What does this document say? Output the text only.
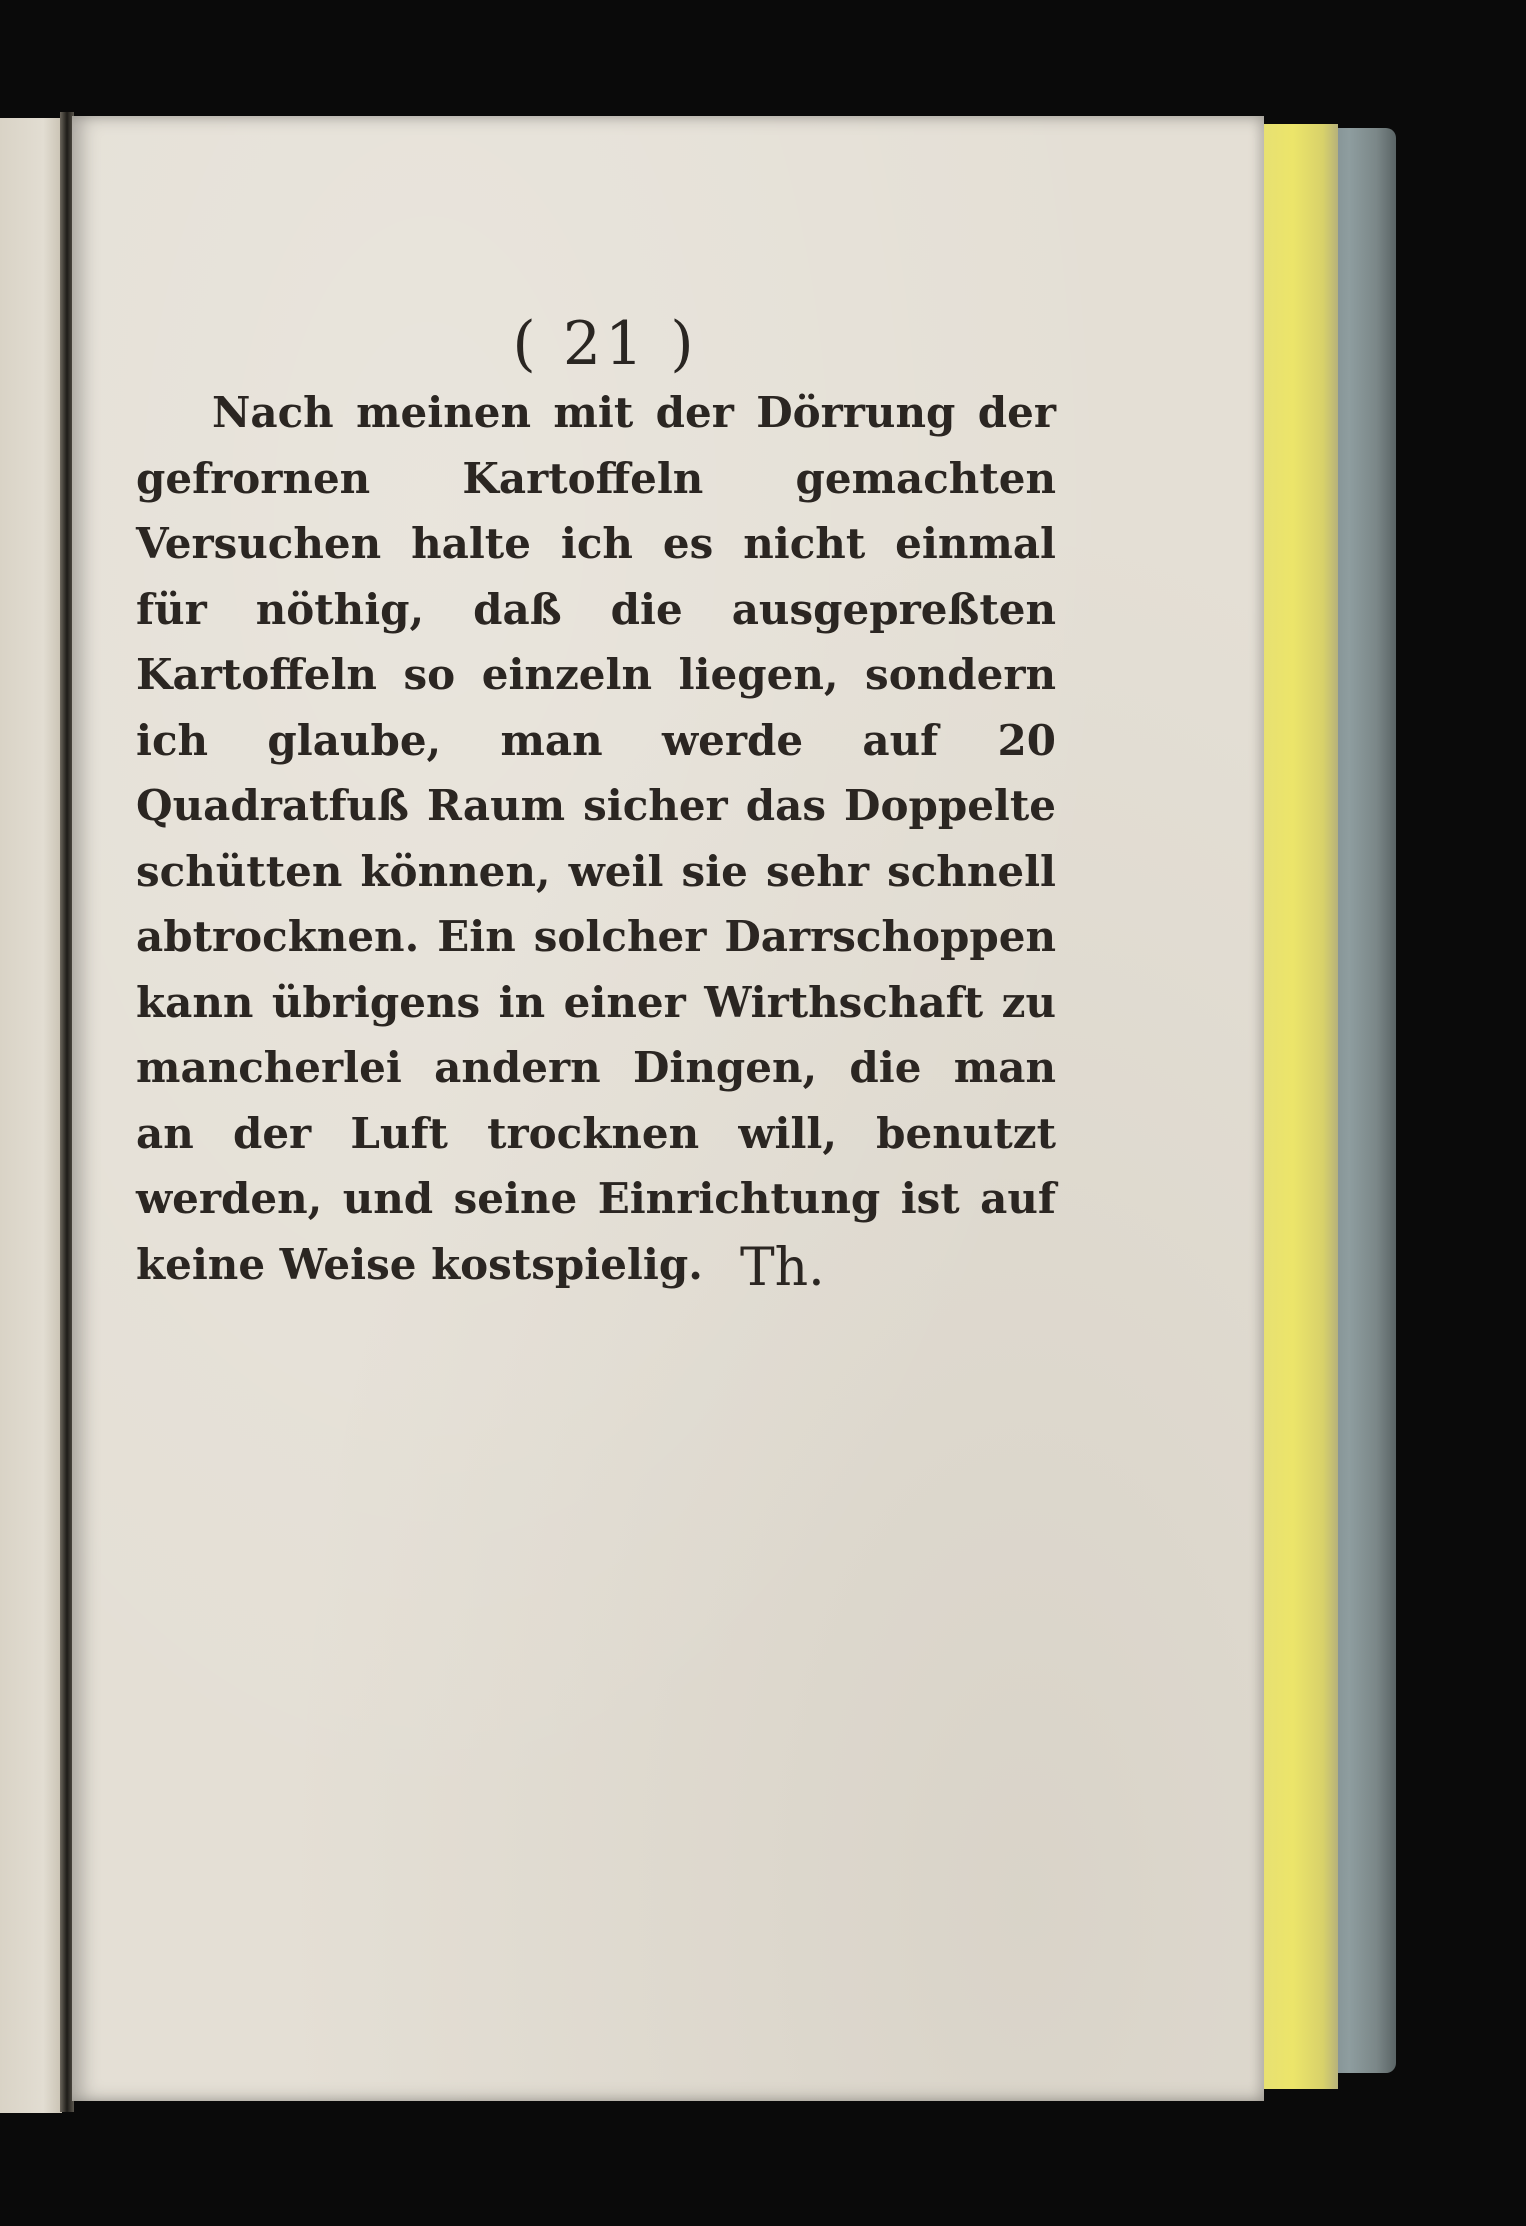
( 21 )

Nach meinen mit der Dörrung der gefrornen Kartoffeln gemachten Versuchen halte ich es nicht einmal für nöthig, daß die ausgepreßten Kartoffeln so einzeln liegen, sondern ich glaube, man werde auf 20 Quadratfuß Raum sicher das Doppelte schütten können, weil sie sehr schnell abtrocknen. Ein solcher Darrschoppen kann übrigens in einer Wirthschaft zu mancherlei andern Dingen, die man an der Luft trocknen will, benutzt werden, und seine Einrichtung ist auf keine Weise kostspielig. Th.
